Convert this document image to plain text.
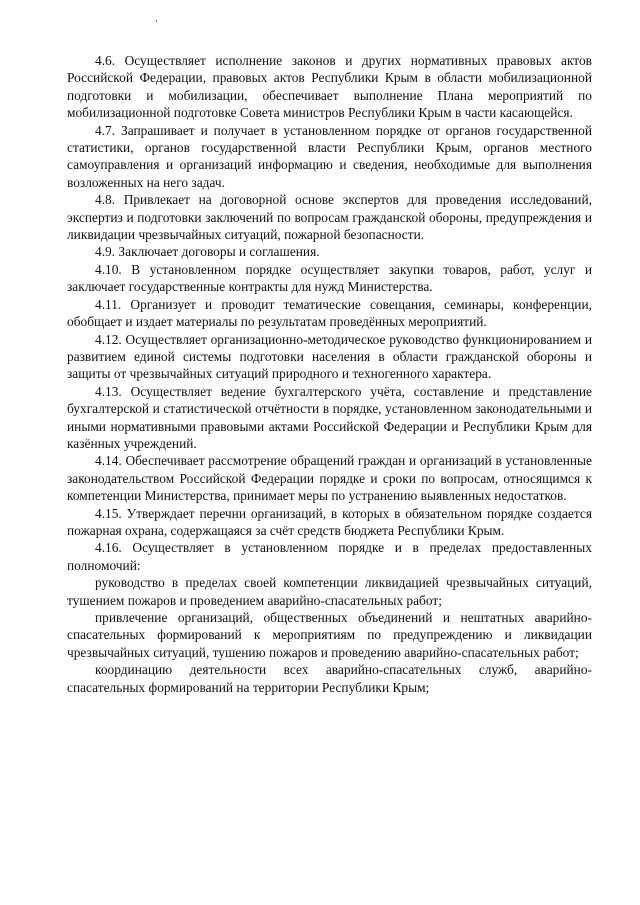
4.6. Осуществляет исполнение законов и других нормативных правовых актов Российской Федерации, правовых актов Республики Крым в области мобилизационной подготовки и мобилизации, обеспечивает выполнение Плана мероприятий по мобилизационной подготовке Совета министров Республики Крым в части касающейся.

4.7. Запрашивает и получает в установленном порядке от органов государственной статистики, органов государственной власти Республики Крым, органов местного самоуправления и организаций информацию и сведения, необходимые для выполнения возложенных на него задач.

4.8. Привлекает на договорной основе экспертов для проведения исследований, экспертиз и подготовки заключений по вопросам гражданской обороны, предупреждения и ликвидации чрезвычайных ситуаций, пожарной безопасности.

4.9. Заключает договоры и соглашения.

4.10. В установленном порядке осуществляет закупки товаров, работ, услуг и заключает государственные контракты для нужд Министерства.

4.11. Организует и проводит тематические совещания, семинары, конференции, обобщает и издает материалы по результатам проведённых мероприятий.

4.12. Осуществляет организационно-методическое руководство функционированием и развитием единой системы подготовки населения в области гражданской обороны и защиты от чрезвычайных ситуаций природного и техногенного характера.

4.13. Осуществляет ведение бухгалтерского учёта, составление и представление бухгалтерской и статистической отчётности в порядке, установленном законодательными и иными нормативными правовыми актами Российской Федерации и Республики Крым для казённых учреждений.

4.14. Обеспечивает рассмотрение обращений граждан и организаций в установленные законодательством Российской Федерации порядке и сроки по вопросам, относящимся к компетенции Министерства, принимает меры по устранению выявленных недостатков.

4.15. Утверждает перечни организаций, в которых в обязательном порядке создается пожарная охрана, содержащаяся за счёт средств бюджета Республики Крым.

4.16. Осуществляет в установленном порядке и в пределах предоставленных полномочий:

руководство в пределах своей компетенции ликвидацией чрезвычайных ситуаций, тушением пожаров и проведением аварийно-спасательных работ;

привлечение организаций, общественных объединений и нештатных аварийно-спасательных формирований к мероприятиям по предупреждению и ликвидации чрезвычайных ситуаций, тушению пожаров и проведению аварийно-спасательных работ;

координацию деятельности всех аварийно-спасательных служб, аварийно-спасательных формирований на территории Республики Крым;
